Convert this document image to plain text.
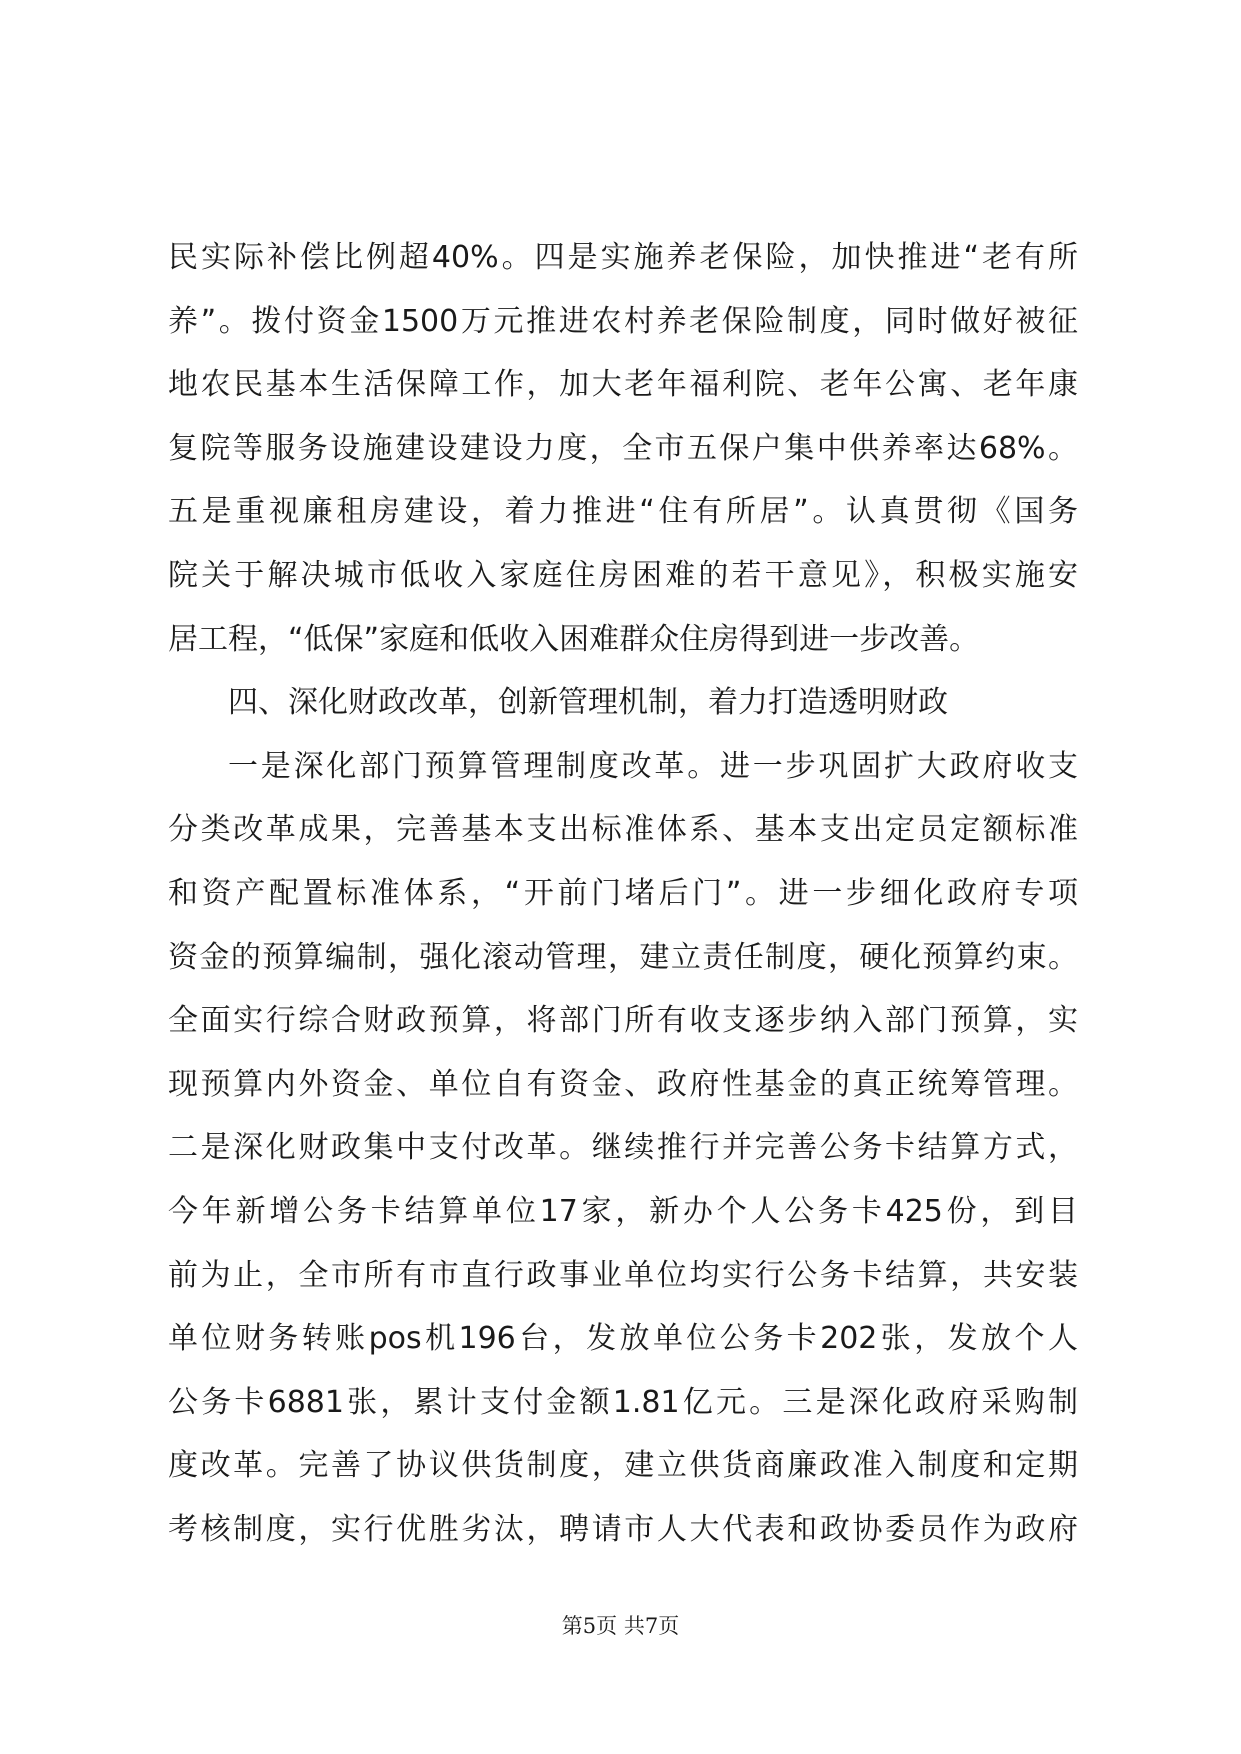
民实际补偿比例超40%。四是实施养老保险，加快推进“老有所
养”。拨付资金1500万元推进农村养老保险制度，同时做好被征
地农民基本生活保障工作，加大老年福利院、老年公寓、老年康
复院等服务设施建设建设力度，全市五保户集中供养率达68%。
五是重视廉租房建设，着力推进“住有所居”。认真贯彻《国务
院关于解决城市低收入家庭住房困难的若干意见》，积极实施安
居工程，“低保”家庭和低收入困难群众住房得到进一步改善。
四、深化财政改革，创新管理机制，着力打造透明财政
一是深化部门预算管理制度改革。进一步巩固扩大政府收支
分类改革成果，完善基本支出标准体系、基本支出定员定额标准
和资产配置标准体系，“开前门堵后门”。进一步细化政府专项
资金的预算编制，强化滚动管理，建立责任制度，硬化预算约束。
全面实行综合财政预算，将部门所有收支逐步纳入部门预算，实
现预算内外资金、单位自有资金、政府性基金的真正统筹管理。
二是深化财政集中支付改革。继续推行并完善公务卡结算方式，
今年新增公务卡结算单位17家，新办个人公务卡425份，到目
前为止，全市所有市直行政事业单位均实行公务卡结算，共安装
单位财务转账pos机196台，发放单位公务卡202张，发放个人
公务卡6881张，累计支付金额1.81亿元。三是深化政府采购制
度改革。完善了协议供货制度，建立供货商廉政准入制度和定期
考核制度，实行优胜劣汰，聘请市人大代表和政协委员作为政府
第5页 共7页
